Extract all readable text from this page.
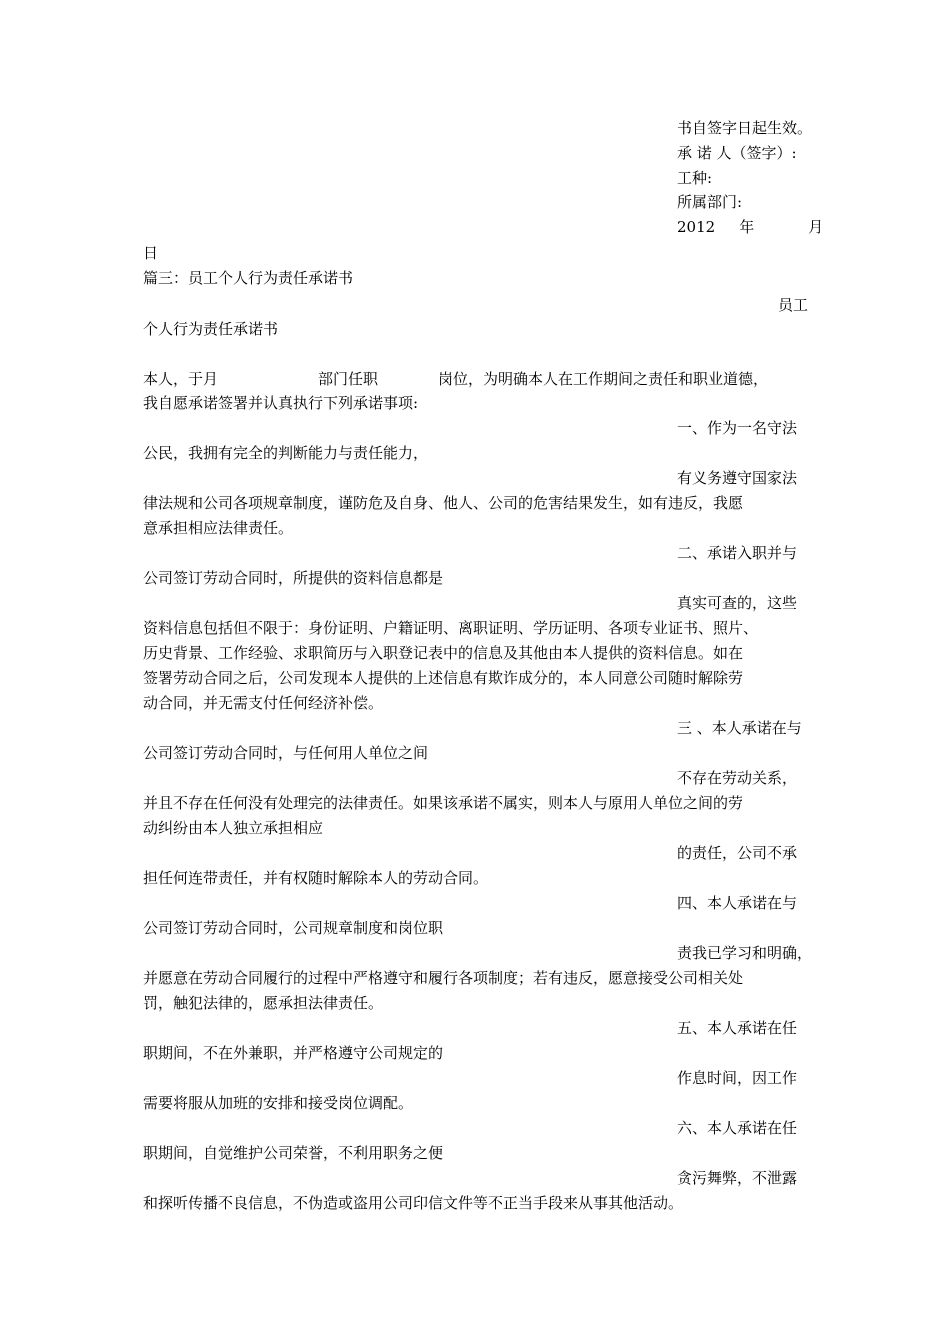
书自签字日起生效。
承 诺 人（签字）:
工种:
所属部门:
2012 年	月
日
篇三：员工个人行为责任承诺书
员工
个人行为责任承诺书
本人，于月	部门任职	岗位，为明确本人在工作期间之责任和职业道德，
我自愿承诺签署并认真执行下列承诺事项:
一、作为一名守法
公民，我拥有完全的判断能力与责任能力，
有义务遵守国家法
律法规和公司各项规章制度，谨防危及自身、他人、公司的危害结果发生，如有违反，我愿
意承担相应法律责任。
二、承诺入职并与
公司签订劳动合同时，所提供的资料信息都是
真实可查的，这些
资料信息包括但不限于：身份证明、户籍证明、离职证明、学历证明、各项专业证书、照片、
历史背景、工作经验、求职简历与入职登记表中的信息及其他由本人提供的资料信息。如在
签署劳动合同之后，公司发现本人提供的上述信息有欺诈成分的，本人同意公司随时解除劳
动合同，并无需支付任何经济补偿。
三 、本人承诺在与
公司签订劳动合同时，与任何用人单位之间
不存在劳动关系，
并且不存在任何没有处理完的法律责任。如果该承诺不属实，则本人与原用人单位之间的劳
动纠纷由本人独立承担相应
的责任，公司不承
担任何连带责任，并有权随时解除本人的劳动合同。
四、本人承诺在与
公司签订劳动合同时，公司规章制度和岗位职
责我已学习和明确，
并愿意在劳动合同履行的过程中严格遵守和履行各项制度；若有违反，愿意接受公司相关处
罚，触犯法律的，愿承担法律责任。
五、本人承诺在任
职期间，不在外兼职，并严格遵守公司规定的
作息时间，因工作
需要将服从加班的安排和接受岗位调配。
六、本人承诺在任
职期间，自觉维护公司荣誉，不利用职务之便
贪污舞弊，不泄露
和探听传播不良信息，不伪造或盗用公司印信文件等不正当手段来从事其他活动。
